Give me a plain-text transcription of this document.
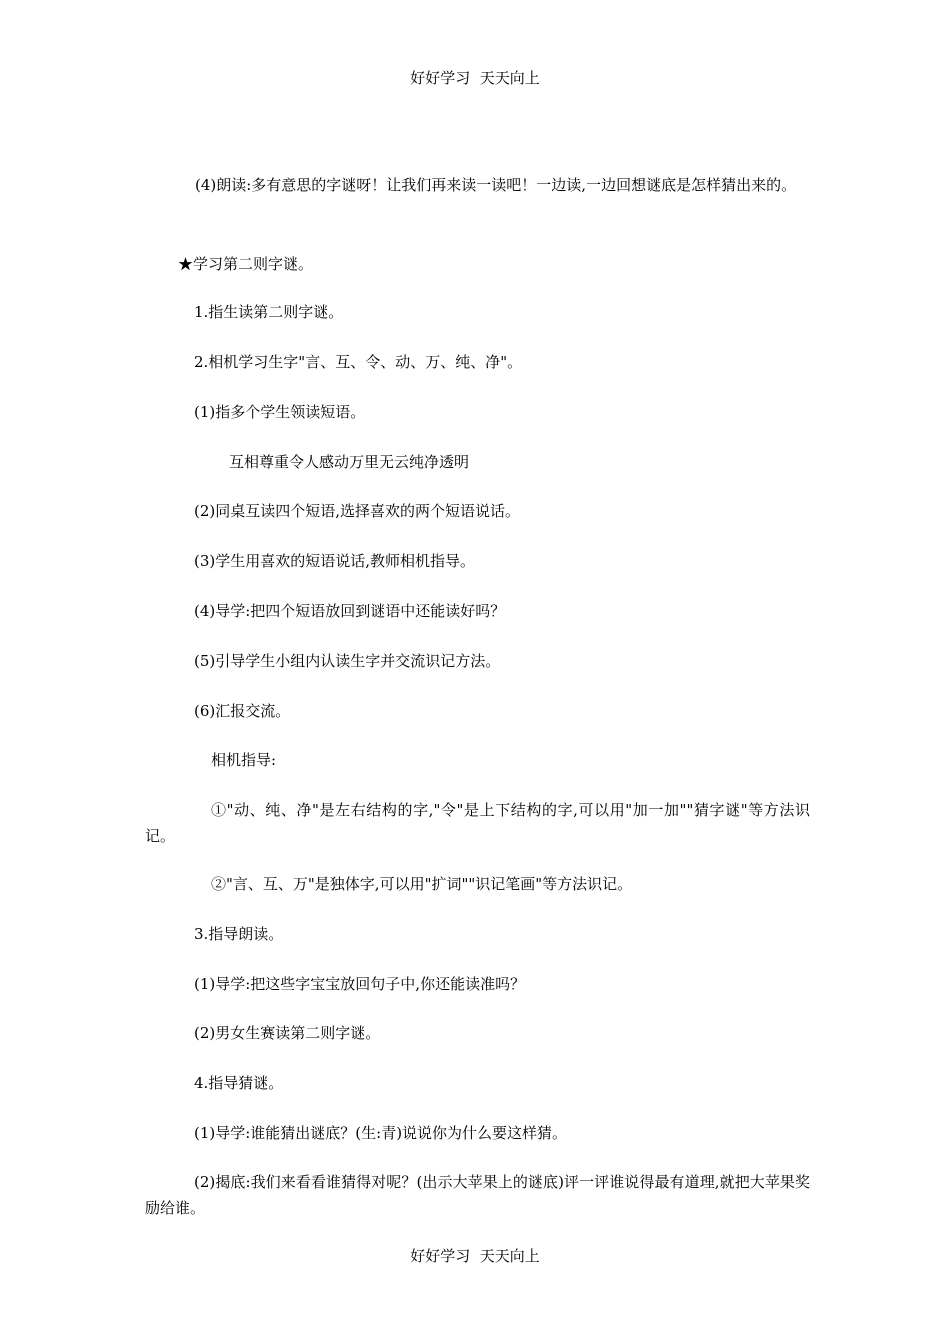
好好学习  天天向上
(4)朗读:多有意思的字谜呀！让我们再来读一读吧！一边读,一边回想谜底是怎样猜出来的。
★学习第二则字谜。
1.指生读第二则字谜。
2.相机学习生字"言、互、令、动、万、纯、净"。
(1)指多个学生领读短语。
互相尊重令人感动万里无云纯净透明
(2)同桌互读四个短语,选择喜欢的两个短语说话。
(3)学生用喜欢的短语说话,教师相机指导。
(4)导学:把四个短语放回到谜语中还能读好吗？
(5)引导学生小组内认读生字并交流识记方法。
(6)汇报交流。
相机指导:
①"动、纯、净"是左右结构的字,"令"是上下结构的字,可以用"加一加""猜字谜"等方法识记。
②"言、互、万"是独体字,可以用"扩词""识记笔画"等方法识记。
3.指导朗读。
(1)导学:把这些字宝宝放回句子中,你还能读准吗？
(2)男女生赛读第二则字谜。
4.指导猜谜。
(1)导学:谁能猜出谜底？(生:青)说说你为什么要这样猜。
(2)揭底:我们来看看谁猜得对呢？(出示大苹果上的谜底)评一评谁说得最有道理,就把大苹果奖励给谁。
好好学习  天天向上
